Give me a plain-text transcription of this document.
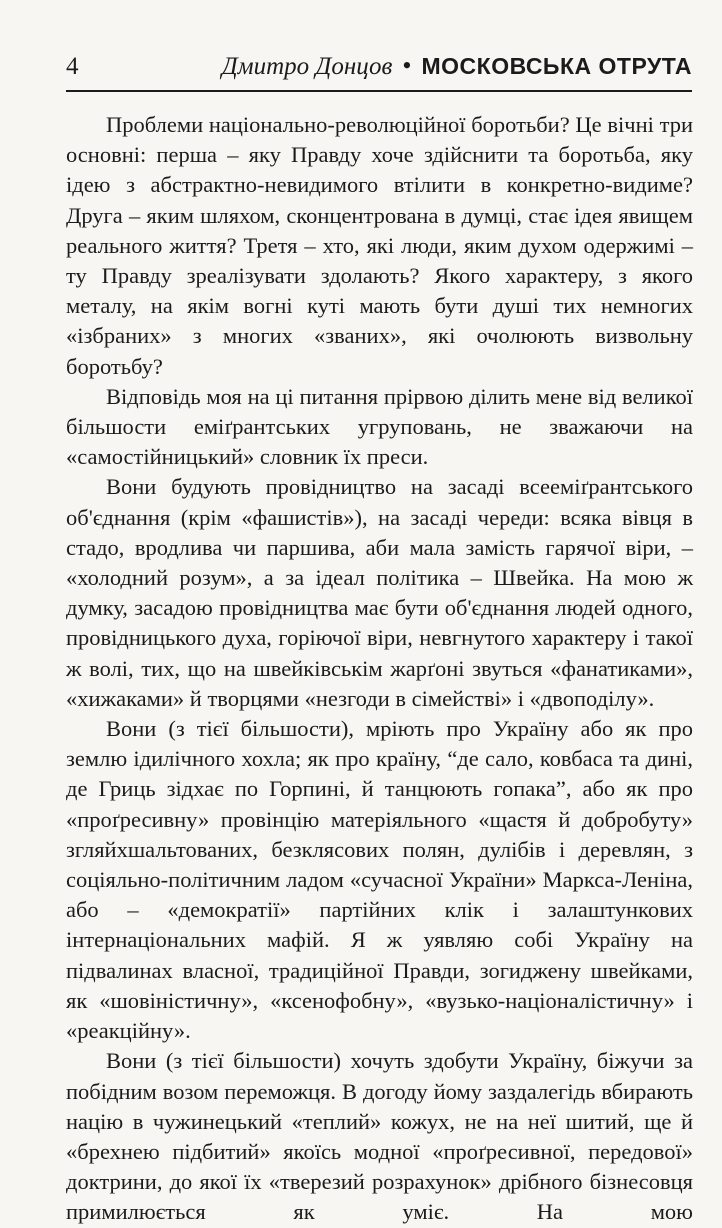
4	Дмитро Донцов • МОСКОВСЬКА ОТРУТА

Проблеми національно-революційної боротьби? Це вічні три основні: перша – яку Правду хоче здійснити та боротьба, яку ідею з абстрактно-невидимого втілити в конкретно-видиме? Друга – яким шляхом, сконцентрована в думці, стає ідея явищем реального життя? Третя – хто, які люди, яким духом одержимі – ту Правду зреалізувати здолають? Якого характеру, з якого металу, на якім вогні куті мають бути душі тих немногих «ізбраних» з многих «званих», які очолюють визвольну боротьбу?

Відповідь моя на ці питання прірвою ділить мене від великої більшости еміґрантських угруповань, не зважаючи на «самостійницький» словник їх преси.

Вони будують провідництво на засаді всееміґрантського об'єднання (крім «фашистів»), на засаді череди: всяка вівця в стадо, вродлива чи паршива, аби мала замість гарячої віри, – «холодний розум», а за ідеал політика – Швейка. На мою ж думку, засадою провідництва має бути об'єднання людей одного, провідницького духа, горіючої віри, невгнутого характеру і такої ж волі, тих, що на швейківськім жарґоні звуться «фанатиками», «хижаками» й творцями «незгоди в сімействі» і «двоподілу».

Вони (з тієї більшости), мріють про Україну або як про землю ідилічного хохла; як про країну, “де сало, ковбаса та дині, де Гриць зідхає по Горпині, й танцюють гопака”, або як про «проґресивну» провінцію матеріяльного «щастя й добробуту» згляйхшальтованих, безклясових полян, дулібів і деревлян, з соціяльно-політичним ладом «сучасної України» Маркса-Леніна, або – «демократії» партійних клік і залаштункових інтернаціональних мафій. Я ж уявляю собі Україну на підвалинах власної, традиційної Правди, зогиджену швейками, як «шовіністичну», «ксенофобну», «вузько-націоналістичну» і «реакційну».

Вони (з тієї більшости) хочуть здобути Україну, біжучи за побідним возом переможця. В догоду йому заздалегідь вбирають націю в чужинецький «теплий» кожух, не на неї шитий, ще й «брехнею підбитий» якоїсь модної «проґресивної, передової» доктрини, до якої їх «тверезий розрахунок» дрібного бізнесовця примилюється як уміє. На мою
